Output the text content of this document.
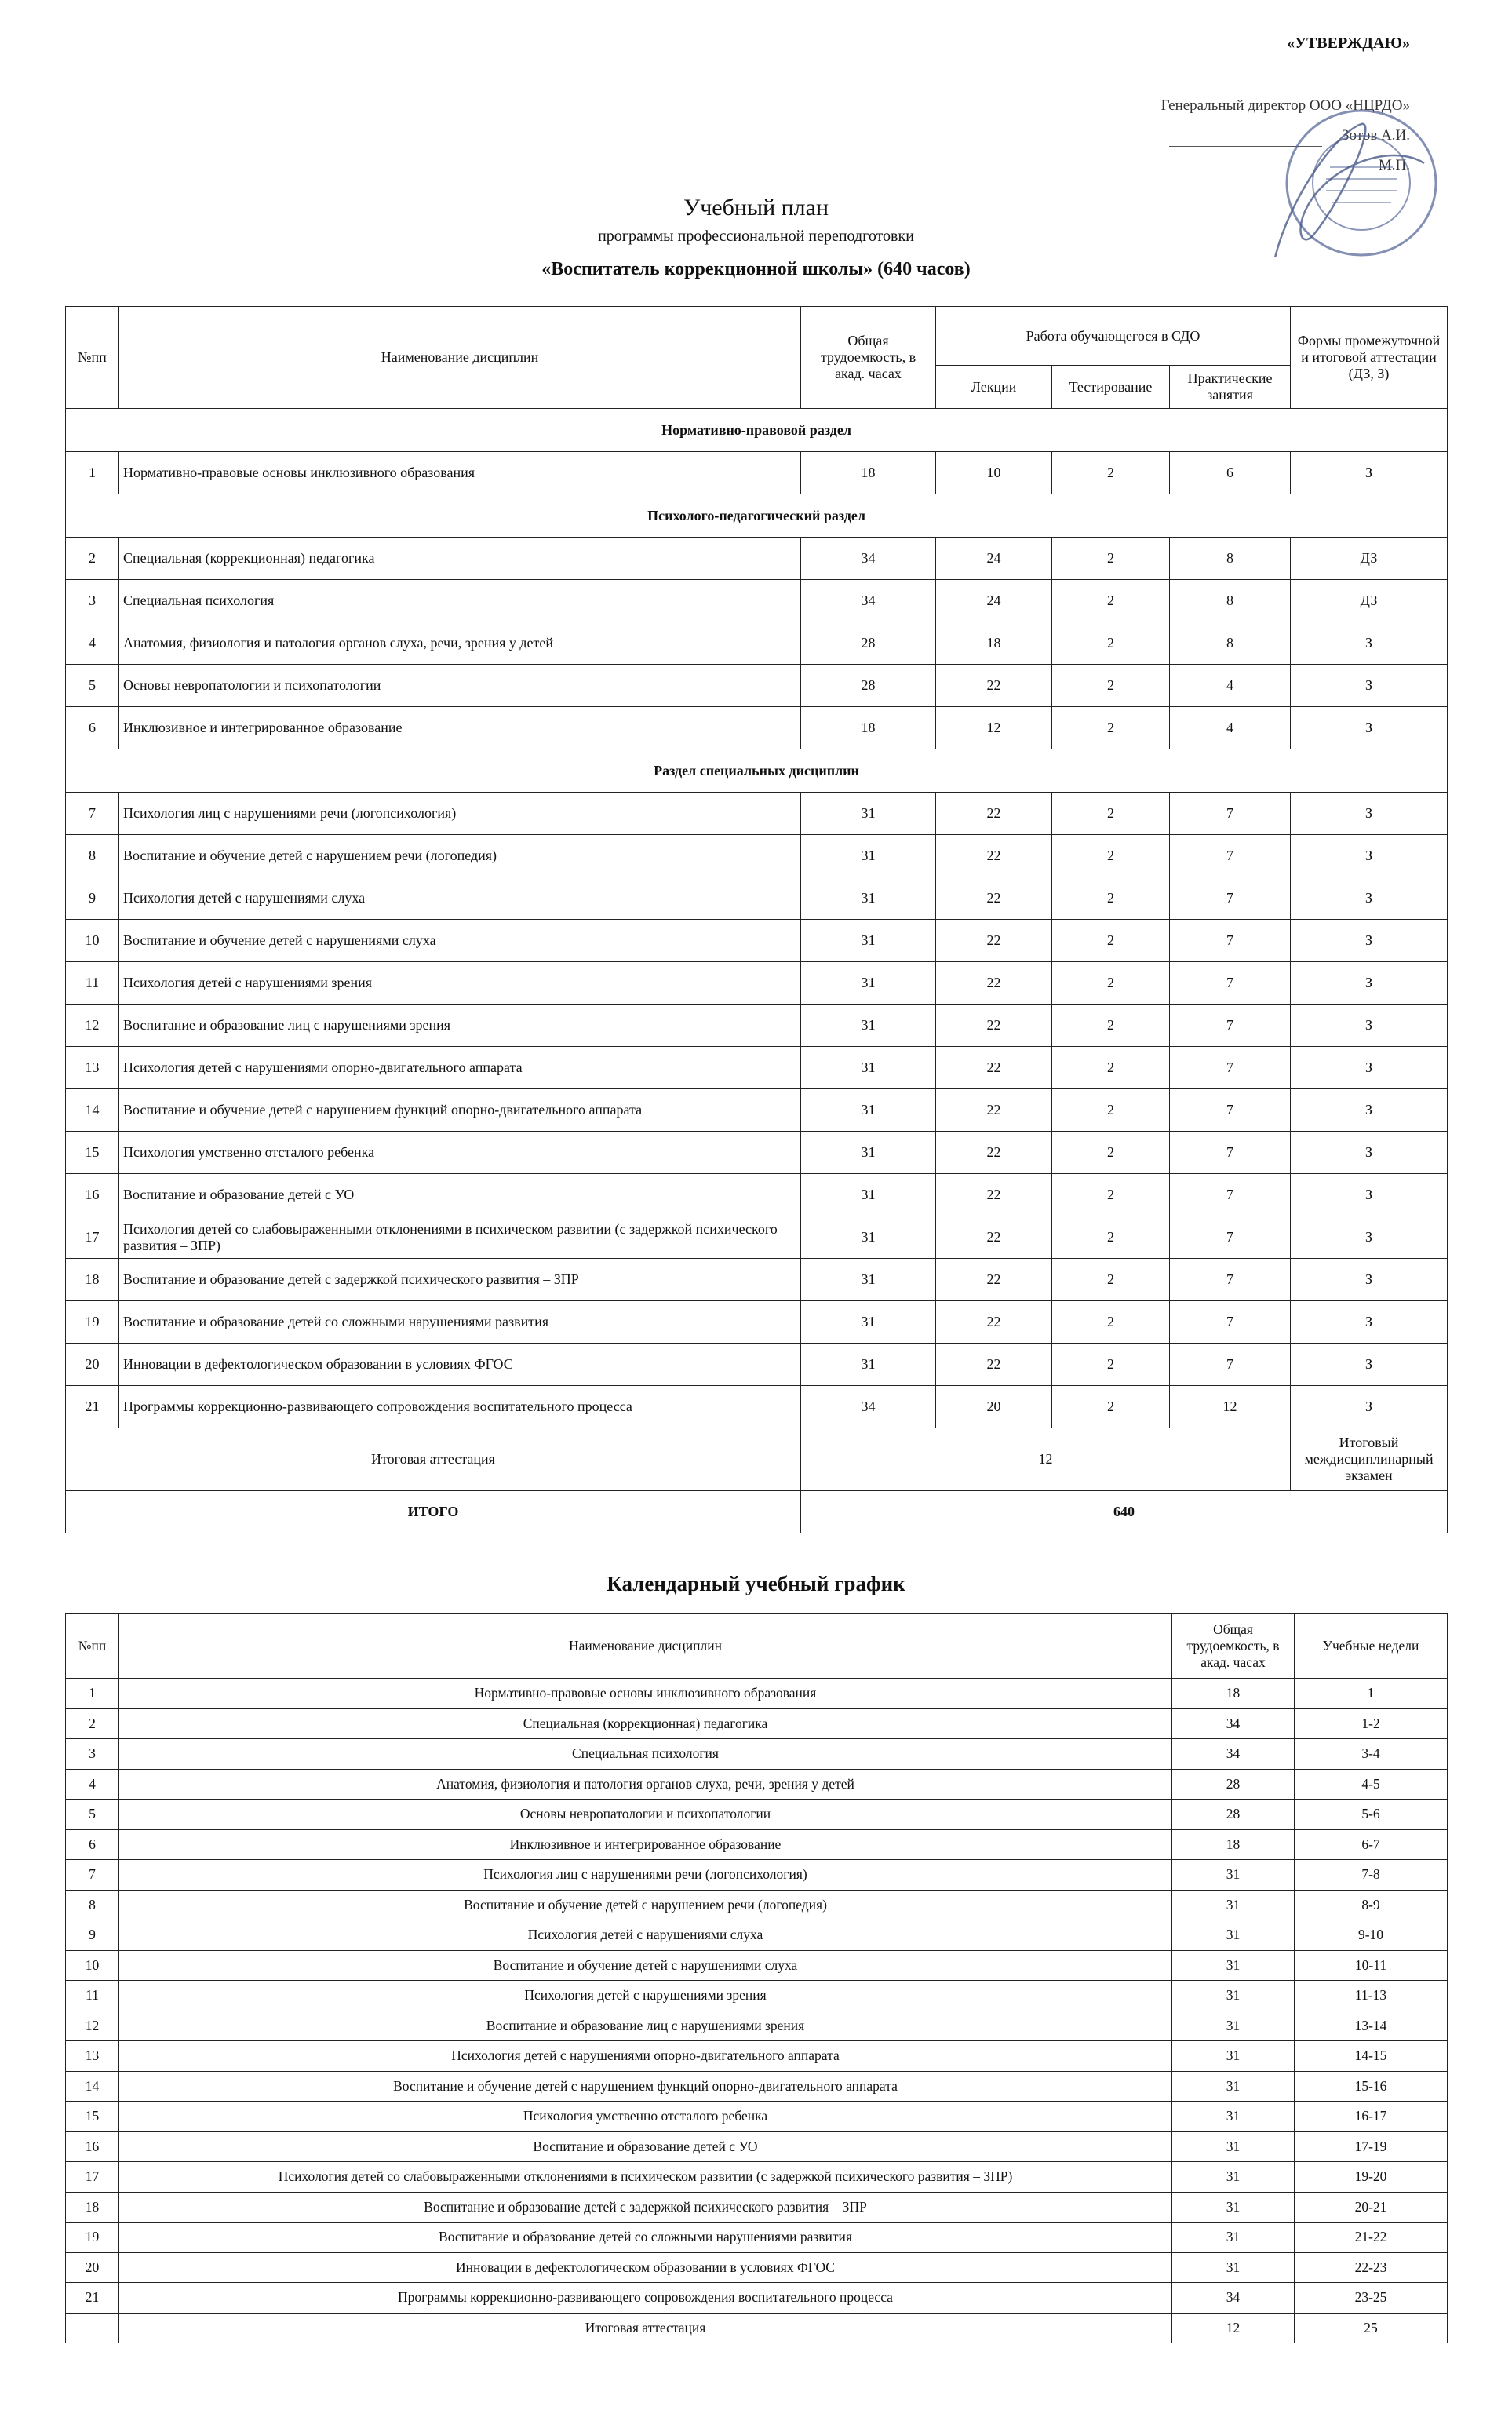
«УТВЕРЖДАЮ»
Генеральный директор ООО «НЦРДО»
Зотов А.И.
М.П.
Учебный план
программы профессиональной переподготовки
«Воспитатель коррекционной школы» (640 часов)
№пп	Наименование дисциплин	Общая трудоемкость, в акад. часах	Работа обучающегося в СДО			Формы промежуточной и итоговой аттестации (ДЗ, З)
			Лекции	Тестирование	Практические занятия	
Нормативно-правовой раздел						
1	Нормативно-правовые основы инклюзивного образования	18	10	2	6	З
Психолого-педагогический раздел						
2	Специальная (коррекционная) педагогика	34	24	2	8	ДЗ
3	Специальная психология	34	24	2	8	ДЗ
4	Анатомия, физиология и патология органов слуха, речи, зрения у детей	28	18	2	8	З
5	Основы невропатологии и психопатологии	28	22	2	4	З
6	Инклюзивное и интегрированное образование	18	12	2	4	З
Раздел специальных дисциплин						
7	Психология лиц с нарушениями речи (логопсихология)	31	22	2	7	З
8	Воспитание и обучение детей с нарушением речи (логопедия)	31	22	2	7	З
9	Психология детей с нарушениями слуха	31	22	2	7	З
10	Воспитание и обучение детей с нарушениями слуха	31	22	2	7	З
11	Психология детей с нарушениями зрения	31	22	2	7	З
12	Воспитание и образование лиц с нарушениями зрения	31	22	2	7	З
13	Психология детей с нарушениями опорно-двигательного аппарата	31	22	2	7	З
14	Воспитание и обучение детей с нарушением функций опорно-двигательного аппарата	31	22	2	7	З
15	Психология умственно отсталого ребенка	31	22	2	7	З
16	Воспитание и образование детей с УО	31	22	2	7	З
17	Психология детей со слабовыраженными отклонениями в психическом развитии (с задержкой психического развития – ЗПР)	31	22	2	7	З
18	Воспитание и образование детей с задержкой психического развития – ЗПР	31	22	2	7	З
19	Воспитание и образование детей со сложными нарушениями развития	31	22	2	7	З
20	Инновации в дефектологическом образовании в условиях ФГОС	31	22	2	7	З
21	Программы коррекционно-развивающего сопровождения воспитательного процесса	34	20	2	12	З
Итоговая аттестация		12				Итоговый междисциплинарный экзамен
ИТОГО		640				
Календарный учебный график
№пп	Наименование дисциплин	Общая трудоемкость, в акад. часах	Учебные недели
1	Нормативно-правовые основы инклюзивного образования	18	1
2	Специальная (коррекционная) педагогика	34	1-2
3	Специальная психология	34	3-4
4	Анатомия, физиология и патология органов слуха, речи, зрения у детей	28	4-5
5	Основы невропатологии и психопатологии	28	5-6
6	Инклюзивное и интегрированное образование	18	6-7
7	Психология лиц с нарушениями речи (логопсихология)	31	7-8
8	Воспитание и обучение детей с нарушением речи (логопедия)	31	8-9
9	Психология детей с нарушениями слуха	31	9-10
10	Воспитание и обучение детей с нарушениями слуха	31	10-11
11	Психология детей с нарушениями зрения	31	11-13
12	Воспитание и образование лиц с нарушениями зрения	31	13-14
13	Психология детей с нарушениями опорно-двигательного аппарата	31	14-15
14	Воспитание и обучение детей с нарушением функций опорно-двигательного аппарата	31	15-16
15	Психология умственно отсталого ребенка	31	16-17
16	Воспитание и образование детей с УО	31	17-19
17	Психология детей со слабовыраженными отклонениями в психическом развитии (с задержкой психического развития – ЗПР)	31	19-20
18	Воспитание и образование детей с задержкой психического развития – ЗПР	31	20-21
19	Воспитание и образование детей со сложными нарушениями развития	31	21-22
20	Инновации в дефектологическом образовании в условиях ФГОС	31	22-23
21	Программы коррекционно-развивающего сопровождения воспитательного процесса	34	23-25
	Итоговая аттестация	12	25
